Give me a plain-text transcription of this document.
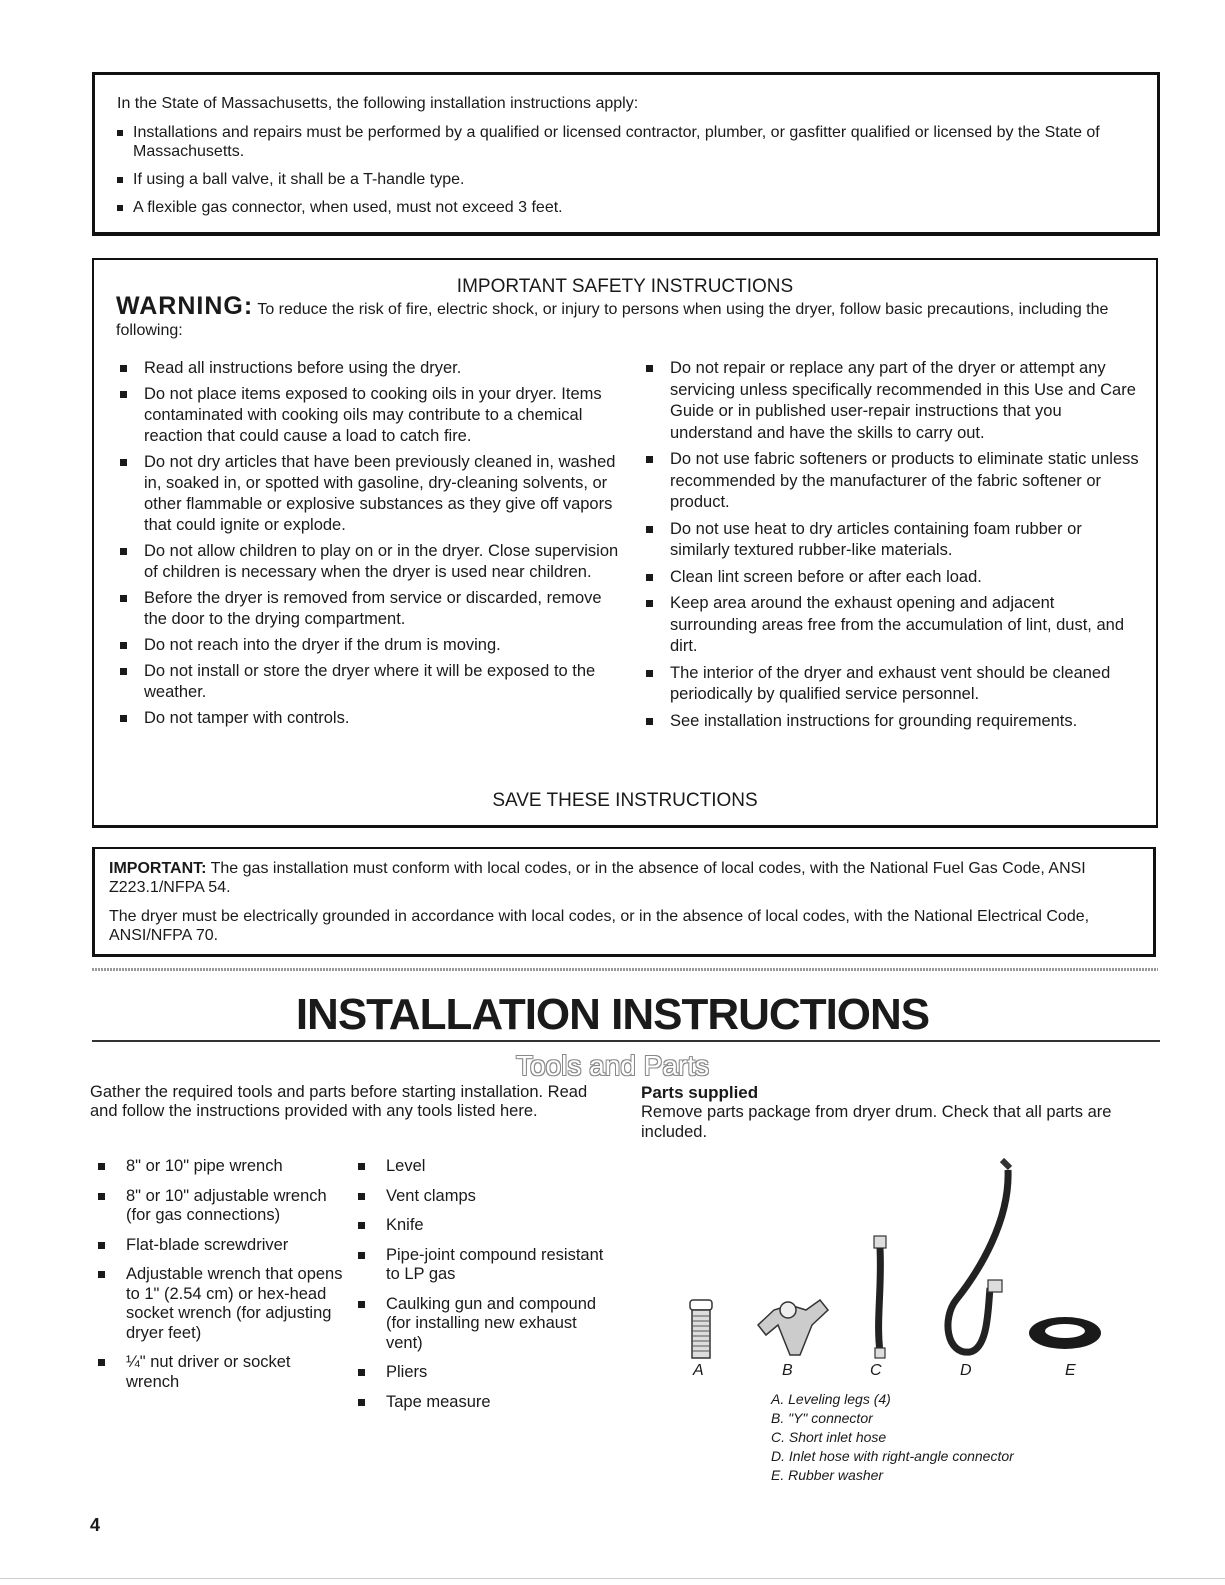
In the State of Massachusetts, the following installation instructions apply:
Installations and repairs must be performed by a qualified or licensed contractor, plumber, or gasfitter qualified or licensed by the State of Massachusetts.
If using a ball valve, it shall be a T-handle type.
A flexible gas connector, when used, must not exceed 3 feet.
IMPORTANT SAFETY INSTRUCTIONS
WARNING: To reduce the risk of fire, electric shock, or injury to persons when using the dryer, follow basic precautions, including the following:
Read all instructions before using the dryer.
Do not place items exposed to cooking oils in your dryer. Items contaminated with cooking oils may contribute to a chemical reaction that could cause a load to catch fire.
Do not dry articles that have been previously cleaned in, washed in, soaked in, or spotted with gasoline, dry-cleaning solvents, or other flammable or explosive substances as they give off vapors that could ignite or explode.
Do not allow children to play on or in the dryer. Close supervision of children is necessary when the dryer is used near children.
Before the dryer is removed from service or discarded, remove the door to the drying compartment.
Do not reach into the dryer if the drum is moving.
Do not install or store the dryer where it will be exposed to the weather.
Do not tamper with controls.
Do not repair or replace any part of the dryer or attempt any servicing unless specifically recommended in this Use and Care Guide or in published user-repair instructions that you understand and have the skills to carry out.
Do not use fabric softeners or products to eliminate static unless recommended by the manufacturer of the fabric softener or product.
Do not use heat to dry articles containing foam rubber or similarly textured rubber-like materials.
Clean lint screen before or after each load.
Keep area around the exhaust opening and adjacent surrounding areas free from the accumulation of lint, dust, and dirt.
The interior of the dryer and exhaust vent should be cleaned periodically by qualified service personnel.
See installation instructions for grounding requirements.
SAVE THESE INSTRUCTIONS
IMPORTANT: The gas installation must conform with local codes, or in the absence of local codes, with the National Fuel Gas Code, ANSI Z223.1/NFPA 54.
The dryer must be electrically grounded in accordance with local codes, or in the absence of local codes, with the National Electrical Code, ANSI/NFPA 70.
INSTALLATION INSTRUCTIONS
Tools and Parts
Gather the required tools and parts before starting installation. Read and follow the instructions provided with any tools listed here.
Parts supplied
Remove parts package from dryer drum. Check that all parts are included.
8" or 10" pipe wrench
8" or 10" adjustable wrench (for gas connections)
Flat-blade screwdriver
Adjustable wrench that opens to 1" (2.54 cm) or hex-head socket wrench (for adjusting dryer feet)
¼" nut driver or socket wrench
Level
Vent clamps
Knife
Pipe-joint compound resistant to LP gas
Caulking gun and compound (for installing new exhaust vent)
Pliers
Tape measure
A	B	C	D	E
A. Leveling legs (4)
B. "Y" connector
C. Short inlet hose
D. Inlet hose with right-angle connector
E. Rubber washer
4
